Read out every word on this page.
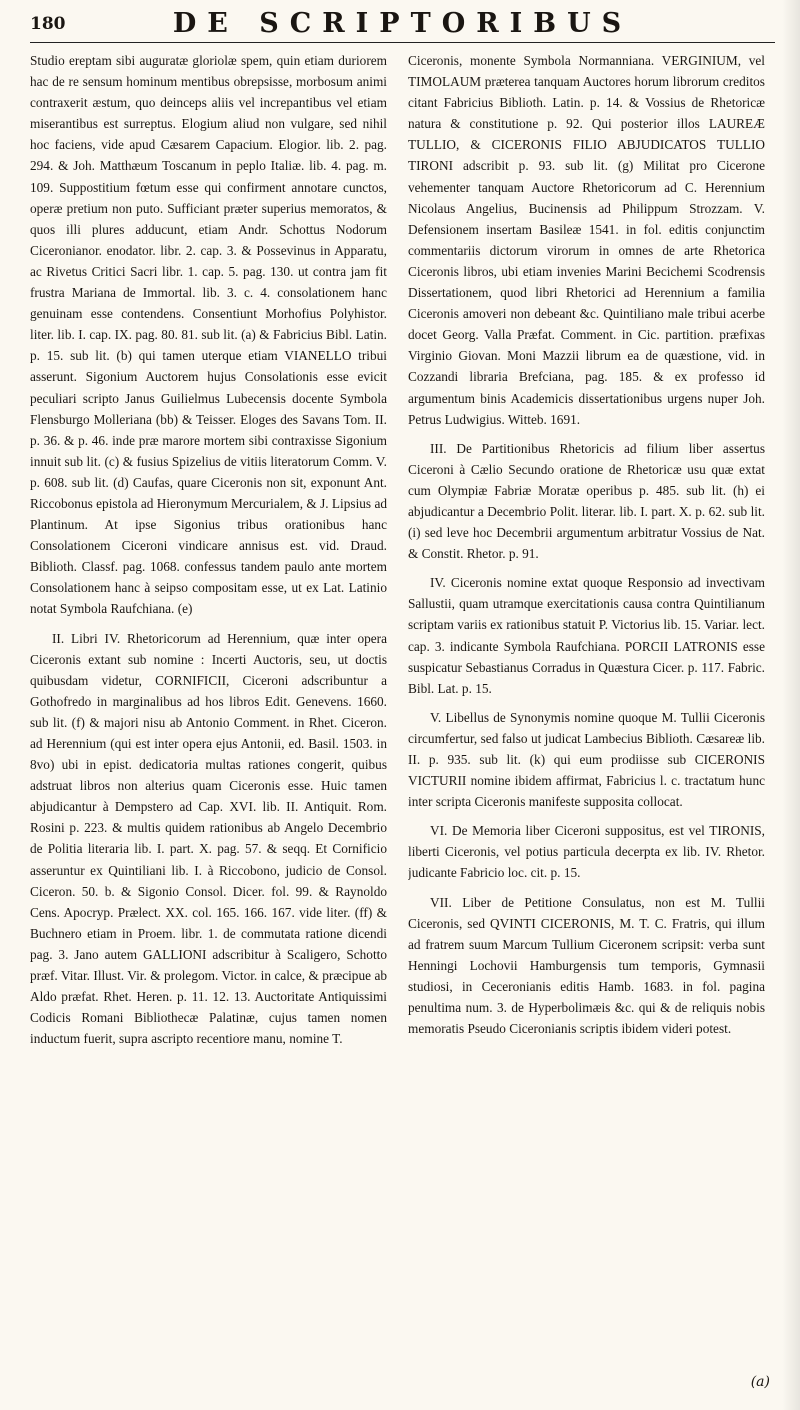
180	DE SCRIPTORIBUS

Studio ereptam sibi auguratæ gloriolæ spem, quin etiam duriorem hac de re sensum hominum mentibus obrepsisse, morbosum animi contraxerit æstum, quo deinceps aliis vel increpantibus vel etiam miserantibus est surreptus. Elogium aliud non vulgare, sed nihil hoc faciens, vide apud Cæsarem Capacium. Elogior. lib. 2. pag. 294. & Joh. Matthæum Toscanum in peplo Italiæ. lib. 4. pag. m. 109. Suppostitium fœtum esse qui confirment annotare cunctos, operæ pretium non puto. Sufficiant præter superius memoratos, & quos illi plures adducunt, etiam Andr. Schottus Nodorum Ciceronianor. enodator. libr. 2. cap. 3. & Possevinus in Apparatu, ac Rivetus Critici Sacri libr. 1. cap. 5. pag. 130. ut contra jam fit frustra Mariana de Immortal. lib. 3. c. 4. consolationem hanc genuinam esse contendens. Consentiunt Morhofius Polyhistor. liter. lib. I. cap. IX. pag. 80. 81. sub lit. (a) & Fabricius Bibl. Latin. p. 15. sub lit. (b) qui tamen uterque etiam VIANELLO tribui asserunt. Sigonium Auctorem hujus Consolationis esse evicit peculiari scripto Janus Guilielmus Lubecensis docente Symbola Flensburgo Molleriana (bb) & Teisser. Eloges des Savans Tom. II. p. 36. & p. 46. inde præ marore mortem sibi contraxisse Sigonium innuit sub lit. (c) & fusius Spizelius de vitiis literatorum Comm. V. p. 608. sub lit. (d) Caufas, quare Ciceronis non sit, exponunt Ant. Riccobonus epistola ad Hieronymum Mercurialem, & J. Lipsius ad Plantinum. At ipse Sigonius tribus orationibus hanc Consolationem Ciceroni vindicare annisus est. vid. Draud. Biblioth. Classf. pag. 1068. confessus tandem paulo ante mortem Consolationem hanc à seipso compositam esse, ut ex Lat. Latinio notat Symbola Raufchiana. (e)

II. Libri IV. Rhetoricorum ad Herennium, quæ inter opera Ciceronis extant sub nomine : Incerti Auctoris, seu, ut doctis quibusdam videtur, CORNIFICII, Ciceroni adscribuntur a Gothofredo in marginalibus ad hos libros Edit. Genevens. 1660. sub lit. (f) & majori nisu ab Antonio Comment. in Rhet. Ciceron. ad Herennium (qui est inter opera ejus Antonii, ed. Basil. 1503. in 8vo) ubi in epist. dedicatoria multas rationes congerit, quibus adstruat libros non alterius quam Ciceronis esse. Huic tamen abjudicantur à Dempstero ad Cap. XVI. lib. II. Antiquit. Rom. Rosini p. 223. & multis quidem rationibus ab Angelo Decembrio de Politia literaria lib. I. part. X. pag. 57. & seqq. Et Cornificio asseruntur ex Quintiliani lib. I. à Riccobono, judicio de Consol. Ciceron. 50. b. & Sigonio Consol. Dicer. fol. 99. & Raynoldo Cens. Apocryp. Prælect. XX. col. 165. 166. 167. vide liter. (ff) & Buchnero etiam in Proem. libr. 1. de commutata ratione dicendi pag. 3. Jano autem GALLIONI adscribitur à Scaligero, Schotto præf. Vitar. Illust. Vir. & prolegom. Victor. in calce, & præcipue ab Aldo præfat. Rhet. Heren. p. 11. 12. 13. Auctoritate Antiquissimi Codicis Romani Bibliothecæ Palatinæ, cujus tamen nomen inductum fuerit, supra ascripto recentiore manu, nomine T.

Ciceronis, monente Symbola Normanniana. VERGINIUM, vel TIMOLAUM præterea tanquam Auctores horum librorum creditos citant Fabricius Biblioth. Latin. p. 14. & Vossius de Rhetoricæ natura & constitutione p. 92. Qui posterior illos LAUREÆ TULLIO, & CICERONIS FILIO ABJUDICATOS TULLIO TIRONI adscribit p. 93. sub lit. (g) Militat pro Cicerone vehementer tanquam Auctore Rhetoricorum ad C. Herennium Nicolaus Angelius, Bucinensis ad Philippum Strozzam. V. Defensionem insertam Basileæ 1541. in fol. editis conjunctim commentariis dictorum virorum in omnes de arte Rhetorica Ciceronis libros, ubi etiam invenies Marini Becichemi Scodrensis Dissertationem, quod libri Rhetorici ad Herennium a familia Ciceronis amoveri non debeant &c. Quintiliano male tribui acerbe docet Georg. Valla Præfat. Comment. in Cic. partition. præfixas Virginio Giovan. Moni Mazzii librum ea de quæstione, vid. in Cozzandi libraria Brefciana, pag. 185. & ex professo id argumentum binis Academicis dissertationibus urgens nuper Joh. Petrus Ludwigius. Witteb. 1691.

III. De Partitionibus Rhetoricis ad filium liber assertus Ciceroni à Cælio Secundo oratione de Rhetoricæ usu quæ extat cum Olympiæ Fabriæ Moratæ operibus p. 485. sub lit. (h) ei abjudicantur a Decembrio Polit. literar. lib. I. part. X. p. 62. sub lit. (i) sed leve hoc Decembrii argumentum arbitratur Vossius de Nat. & Constit. Rhetor. p. 91.

IV. Ciceronis nomine extat quoque Responsio ad invectivam Sallustii, quam utramque exercitationis causa contra Quintilianum scriptam variis ex rationibus statuit P. Victorius lib. 15. Variar. lect. cap. 3. indicante Symbola Raufchiana. PORCII LATRONIS esse suspicatur Sebastianus Corradus in Quæstura Cicer. p. 117. Fabric. Bibl. Lat. p. 15.

V. Libellus de Synonymis nomine quoque M. Tullii Ciceronis circumfertur, sed falso ut judicat Lambecius Biblioth. Cæsareæ lib. II. p. 935. sub lit. (k) qui eum prodiisse sub CICERONIS VICTURII nomine ibidem affirmat, Fabricius l. c. tractatum hunc inter scripta Ciceronis manifeste supposita collocat.

VI. De Memoria liber Ciceroni suppositus, est vel TIRONIS, liberti Ciceronis, vel potius particula decerpta ex lib. IV. Rhetor. judicante Fabricio loc. cit. p. 15.

VII. Liber de Petitione Consulatus, non est M. Tullii Ciceronis, sed QVINTI CICERONIS, M. T. C. Fratris, qui illum ad fratrem suum Marcum Tullium Ciceronem scripsit: verba sunt Henningi Lochovii Hamburgensis tum temporis, Gymnasii studiosi, in Ceceronianis editis Hamb. 1683. in fol. pagina penultima num. 3. de Hyperbolimæis &c. qui & de reliquis nobis memoratis Pseudo Ciceronianis scriptis ibidem videri potest.

(a)
